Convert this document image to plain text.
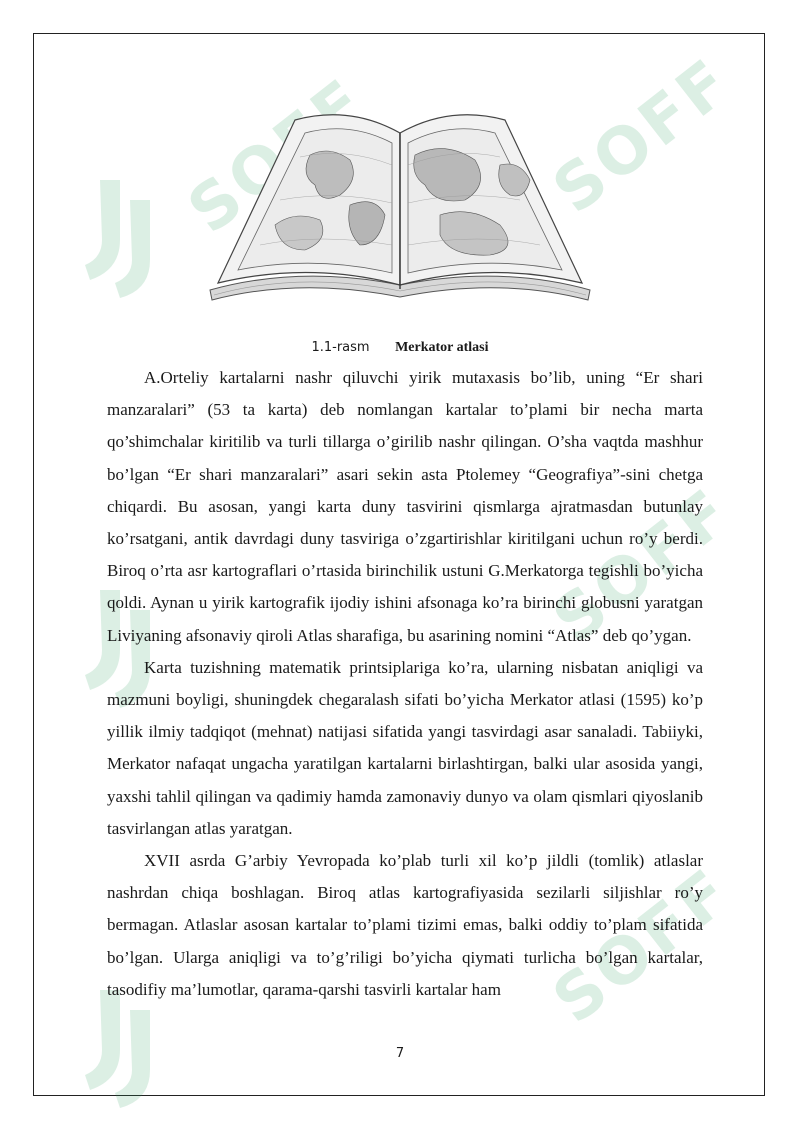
SOFF
SOFF
SOFF
1.1-rasm Merkator atlasi

A.Orteliy kartalarni nashr qiluvchi yirik mutaxasis bo’lib, uning “Er shari manzaralari” (53 ta karta) deb nomlangan kartalar to’plami bir necha marta qo’shimchalar kiritilib va turli tillarga o’girilib nashr qilingan. O’sha vaqtda mashhur bo’lgan “Er shari manzaralari” asari sekin asta Ptolemey “Geografiya”-sini chetga chiqardi. Bu asosan, yangi karta duny tasvirini qismlarga ajratmasdan butunlay ko’rsatgani, antik davrdagi duny tasviriga o’zgartirishlar kiritilgani uchun ro’y berdi. Biroq o’rta asr kartograflari o’rtasida birinchilik ustuni G.Merkatorga tegishli bo’yicha qoldi. Aynan u yirik kartografik ijodiy ishini afsonaga ko’ra birinchi globusni yaratgan Liviyaning afsonaviy qiroli Atlas sharafiga, bu asarining nomini “Atlas” deb qo’ygan.

Karta tuzishning matematik printsiplariga ko’ra, ularning nisbatan aniqligi va mazmuni boyligi, shuningdek chegaralash sifati bo’yicha Merkator atlasi (1595) ko’p yillik ilmiy tadqiqot (mehnat) natijasi sifatida yangi tasvirdagi asar sanaladi. Tabiiyki, Merkator nafaqat ungacha yaratilgan kartalarni birlashtirgan, balki ular asosida yangi, yaxshi tahlil qilingan va qadimiy hamda zamonaviy dunyo va olam qismlari qiyoslanib tasvirlangan atlas yaratgan.

XVII asrda G’arbiy Yevropada ko’plab turli xil ko’p jildli (tomlik) atlaslar nashrdan chiqa boshlagan. Biroq atlas kartografiyasida sezilarli siljishlar ro’y bermagan. Atlaslar asosan kartalar to’plami tizimi emas, balki oddiy to’plam sifatida bo’lgan. Ularga aniqligi va to’g’riligi bo’yicha qiymati turlicha bo’lgan kartalar, tasodifiy ma’lumotlar, qarama-qarshi tasvirli kartalar ham

7
